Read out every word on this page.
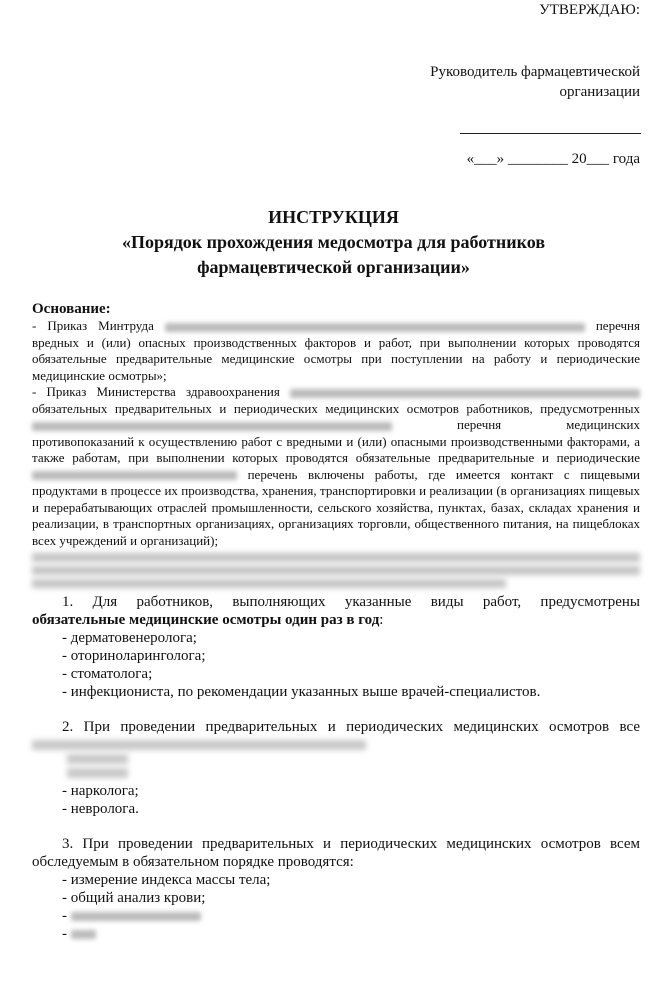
УТВЕРЖДАЮ:
Руководитель фармацевтической
организации
«___» ________ 20___ года
ИНСТРУКЦИЯ
«Порядок прохождения медосмотра для работников
фармацевтической организации»
Основание:
- Приказ Минтруда	перечня
вредных и (или) опасных производственных факторов и работ, при выполнении которых проводятся
обязательные предварительные медицинские осмотры при поступлении на работу и периодические
медицинские осмотры»;
- Приказ Министерства здравоохранения
обязательных предварительных и периодических медицинских осмотров работников, предусмотренных
перечня медицинских
противопоказаний к осуществлению работ с вредными и (или) опасными производственными факторами, а
также работам, при выполнении которых проводятся обязательные предварительные и периодические
перечень включены работы, где имеется контакт с пищевыми
продуктами в процессе их производства, хранения, транспортировки и реализации (в организациях пищевых
и перерабатывающих отраслей промышленности, сельского хозяйства, пунктах, базах, складах хранения и
реализации, в транспортных организациях, организациях торговли, общественного питания, на пищеблоках
всех учреждений и организаций);
1. Для работников, выполняющих указанные виды работ, предусмотрены
обязательные медицинские осмотры один раз в год:
- дерматовенеролога;
- оториноларинголога;
- стоматолога;
- инфекциониста, по рекомендации указанных выше врачей-специалистов.
2. При проведении предварительных и периодических медицинских осмотров все
- нарколога;
- невролога.
3. При проведении предварительных и периодических медицинских осмотров всем
обследуемым в обязательном порядке проводятся:
- измерение индекса массы тела;
- общий анализ крови;
-
-
